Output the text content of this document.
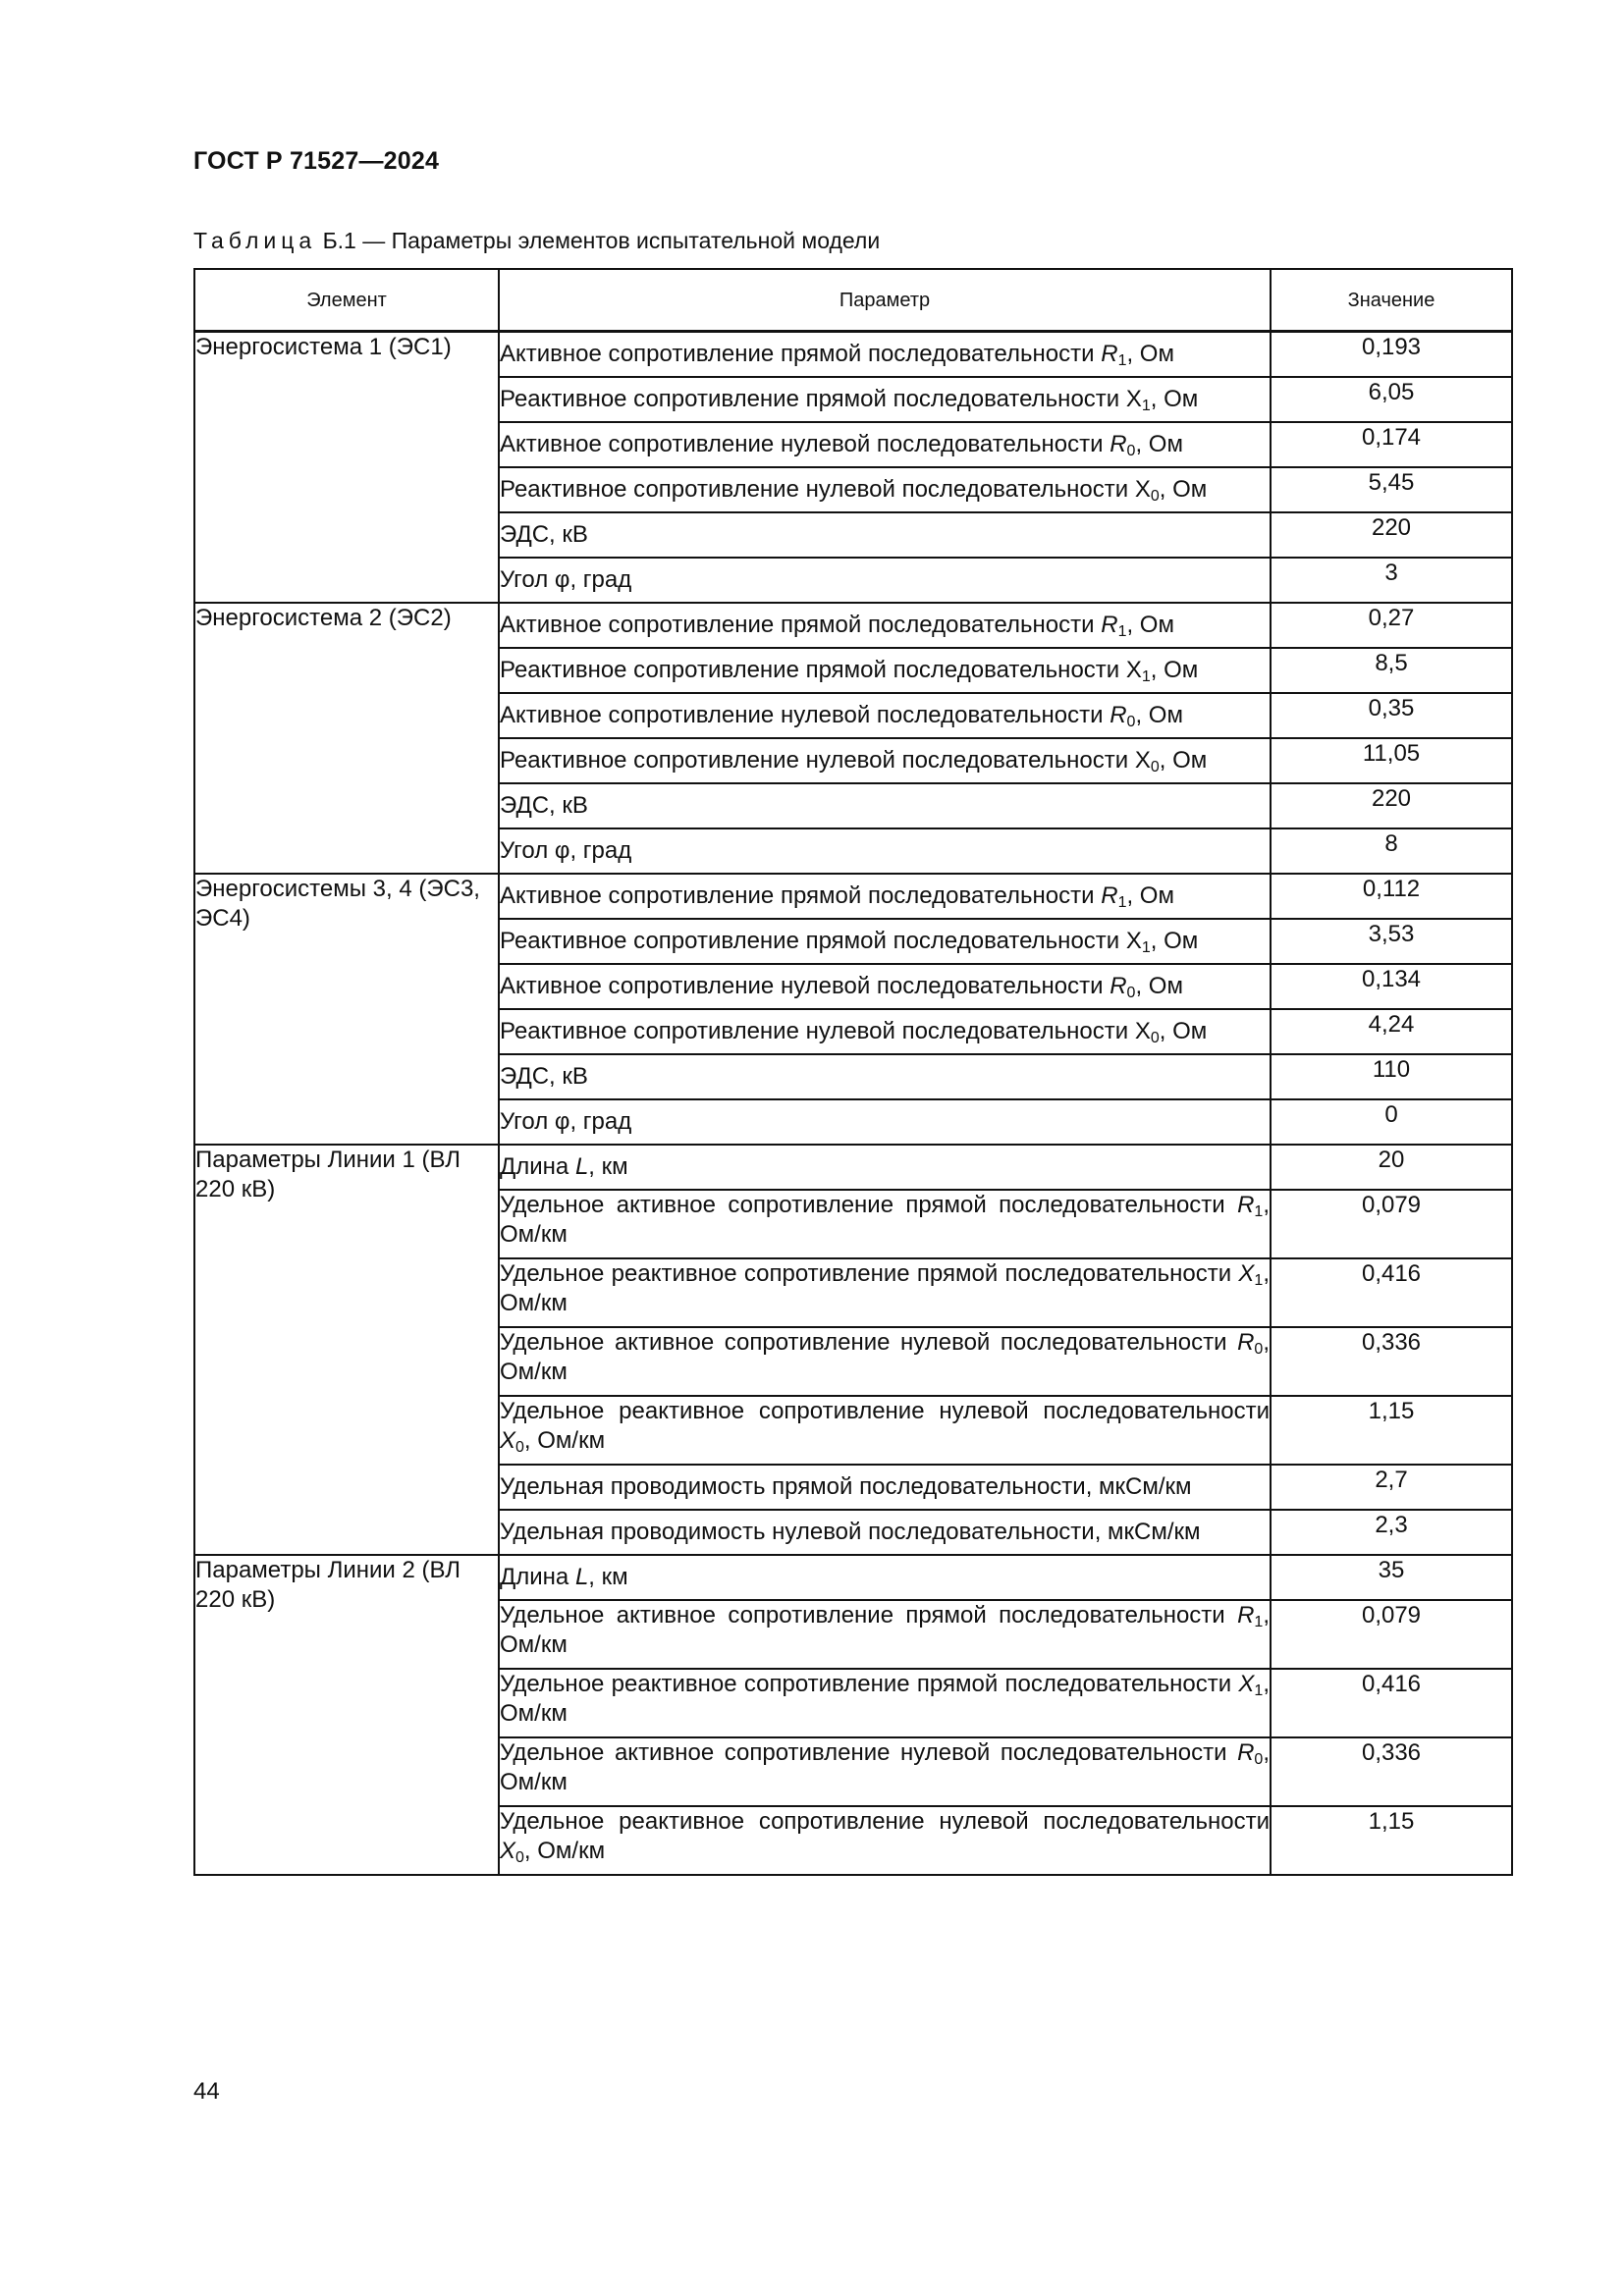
ГОСТ Р 71527—2024
Таблица Б.1 — Параметры элементов испытательной модели
Элемент	Параметр	Значение
Энергосистема 1 (ЭС1)	Активное сопротивление прямой последовательности $R_1$, Ом	0,193
	Реактивное сопротивление прямой последовательности $X_1$, Ом	6,05
	Активное сопротивление нулевой последовательности $R_0$, Ом	0,174
	Реактивное сопротивление нулевой последовательности $X_0$, Ом	5,45
	ЭДС, кВ	220
	Угол φ, град	3
Энергосистема 2 (ЭС2)	Активное сопротивление прямой последовательности $R_1$, Ом	0,27
	Реактивное сопротивление прямой последовательности $X_1$, Ом	8,5
	Активное сопротивление нулевой последовательности $R_0$, Ом	0,35
	Реактивное сопротивление нулевой последовательности $X_0$, Ом	11,05
	ЭДС, кВ	220
	Угол φ, град	8
Энергосистемы 3, 4 (ЭС3, ЭС4)	Активное сопротивление прямой последовательности $R_1$, Ом	0,112
	Реактивное сопротивление прямой последовательности $X_1$, Ом	3,53
	Активное сопротивление нулевой последовательности $R_0$, Ом	0,134
	Реактивное сопротивление нулевой последовательности $X_0$, Ом	4,24
	ЭДС, кВ	110
	Угол φ, град	0
Параметры Линии 1 (ВЛ 220 кВ)	Длина L, км	20
	Удельное активное сопротивление прямой последовательности $R_1$, Ом/км	0,079
	Удельное реактивное сопротивление прямой последовательности $X_1$, Ом/км	0,416
	Удельное активное сопротивление нулевой последовательности $R_0$, Ом/км	0,336
	Удельное реактивное сопротивление нулевой последовательности $X_0$, Ом/км	1,15
	Удельная проводимость прямой последовательности, мкСм/км	2,7
	Удельная проводимость нулевой последовательности, мкСм/км	2,3
Параметры Линии 2 (ВЛ 220 кВ)	Длина L, км	35
	Удельное активное сопротивление прямой последовательности $R_1$, Ом/км	0,079
	Удельное реактивное сопротивление прямой последовательности $X_1$, Ом/км	0,416
	Удельное активное сопротивление нулевой последовательности $R_0$, Ом/км	0,336
	Удельное реактивное сопротивление нулевой последовательности $X_0$, Ом/км	1,15
44
